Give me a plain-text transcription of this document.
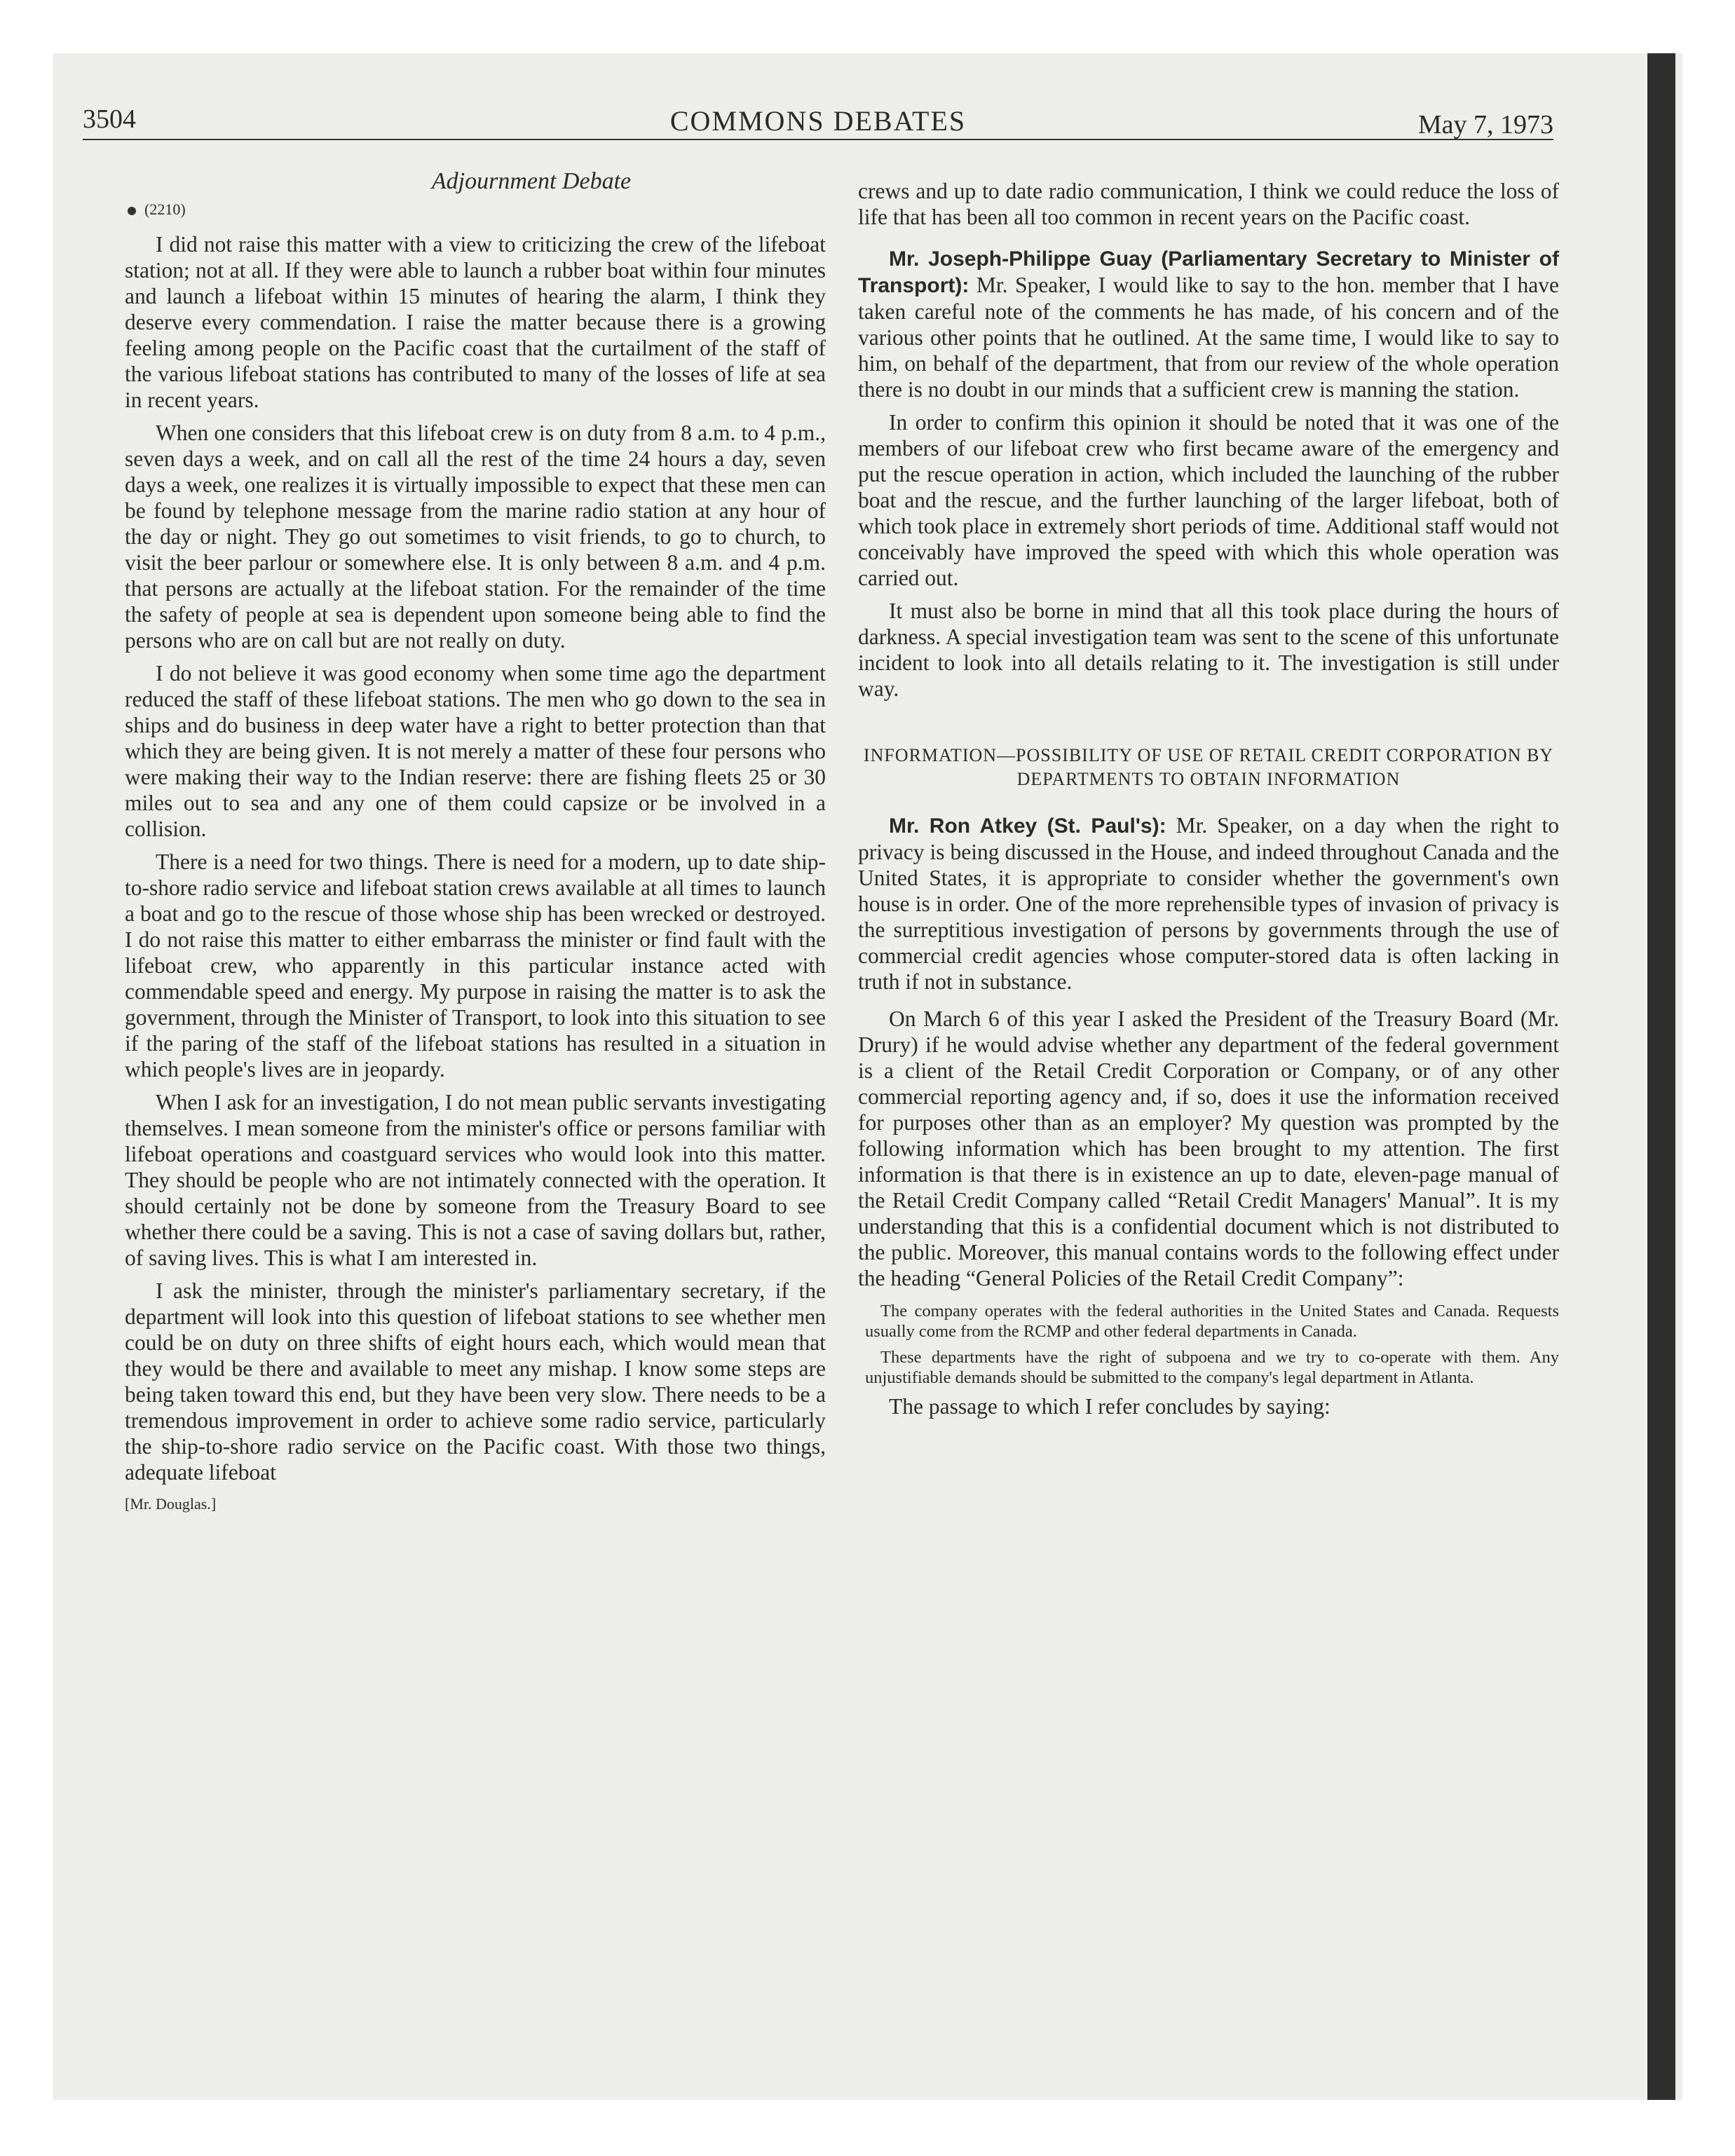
3504	COMMONS DEBATES	May 7, 1973
Adjournment Debate
(2210)

I did not raise this matter with a view to criticizing the crew of the lifeboat station; not at all. If they were able to launch a rubber boat within four minutes and launch a lifeboat within 15 minutes of hearing the alarm, I think they deserve every commendation. I raise the matter because there is a growing feeling among people on the Pacific coast that the curtailment of the staff of the various lifeboat stations has contributed to many of the losses of life at sea in recent years.

When one considers that this lifeboat crew is on duty from 8 a.m. to 4 p.m., seven days a week, and on call all the rest of the time 24 hours a day, seven days a week, one realizes it is virtually impossible to expect that these men can be found by telephone message from the marine radio station at any hour of the day or night. They go out sometimes to visit friends, to go to church, to visit the beer parlour or somewhere else. It is only between 8 a.m. and 4 p.m. that persons are actually at the lifeboat station. For the remainder of the time the safety of people at sea is dependent upon someone being able to find the persons who are on call but are not really on duty.

I do not believe it was good economy when some time ago the department reduced the staff of these lifeboat stations. The men who go down to the sea in ships and do business in deep water have a right to better protection than that which they are being given. It is not merely a matter of these four persons who were making their way to the Indian reserve: there are fishing fleets 25 or 30 miles out to sea and any one of them could capsize or be involved in a collision.

There is a need for two things. There is need for a modern, up to date ship-to-shore radio service and lifeboat station crews available at all times to launch a boat and go to the rescue of those whose ship has been wrecked or destroyed. I do not raise this matter to either embarrass the minister or find fault with the lifeboat crew, who apparently in this particular instance acted with commendable speed and energy. My purpose in raising the matter is to ask the government, through the Minister of Transport, to look into this situation to see if the paring of the staff of the lifeboat stations has resulted in a situation in which people's lives are in jeopardy.

When I ask for an investigation, I do not mean public servants investigating themselves. I mean someone from the minister's office or persons familiar with lifeboat operations and coastguard services who would look into this matter. They should be people who are not intimately connected with the operation. It should certainly not be done by someone from the Treasury Board to see whether there could be a saving. This is not a case of saving dollars but, rather, of saving lives. This is what I am interested in.

I ask the minister, through the minister's parliamentary secretary, if the department will look into this question of lifeboat stations to see whether men could be on duty on three shifts of eight hours each, which would mean that they would be there and available to meet any mishap. I know some steps are being taken toward this end, but they have been very slow. There needs to be a tremendous improvement in order to achieve some radio service, particularly the ship-to-shore radio service on the Pacific coast. With those two things, adequate lifeboat

[Mr. Douglas.]

crews and up to date radio communication, I think we could reduce the loss of life that has been all too common in recent years on the Pacific coast.

Mr. Joseph-Philippe Guay (Parliamentary Secretary to Minister of Transport): Mr. Speaker, I would like to say to the hon. member that I have taken careful note of the comments he has made, of his concern and of the various other points that he outlined. At the same time, I would like to say to him, on behalf of the department, that from our review of the whole operation there is no doubt in our minds that a sufficient crew is manning the station.

In order to confirm this opinion it should be noted that it was one of the members of our lifeboat crew who first became aware of the emergency and put the rescue operation in action, which included the launching of the rubber boat and the rescue, and the further launching of the larger lifeboat, both of which took place in extremely short periods of time. Additional staff would not conceivably have improved the speed with which this whole operation was carried out.

It must also be borne in mind that all this took place during the hours of darkness. A special investigation team was sent to the scene of this unfortunate incident to look into all details relating to it. The investigation is still under way.

INFORMATION—POSSIBILITY OF USE OF RETAIL CREDIT CORPORATION BY DEPARTMENTS TO OBTAIN INFORMATION

Mr. Ron Atkey (St. Paul's): Mr. Speaker, on a day when the right to privacy is being discussed in the House, and indeed throughout Canada and the United States, it is appropriate to consider whether the government's own house is in order. One of the more reprehensible types of invasion of privacy is the surreptitious investigation of persons by governments through the use of commercial credit agencies whose computer-stored data is often lacking in truth if not in substance.

On March 6 of this year I asked the President of the Treasury Board (Mr. Drury) if he would advise whether any department of the federal government is a client of the Retail Credit Corporation or Company, or of any other commercial reporting agency and, if so, does it use the information received for purposes other than as an employer? My question was prompted by the following information which has been brought to my attention. The first information is that there is in existence an up to date, eleven-page manual of the Retail Credit Company called “Retail Credit Managers' Manual”. It is my understanding that this is a confidential document which is not distributed to the public. Moreover, this manual contains words to the following effect under the heading “General Policies of the Retail Credit Company”:

The company operates with the federal authorities in the United States and Canada. Requests usually come from the RCMP and other federal departments in Canada.

These departments have the right of subpoena and we try to co-operate with them. Any unjustifiable demands should be submitted to the company's legal department in Atlanta.

The passage to which I refer concludes by saying:
